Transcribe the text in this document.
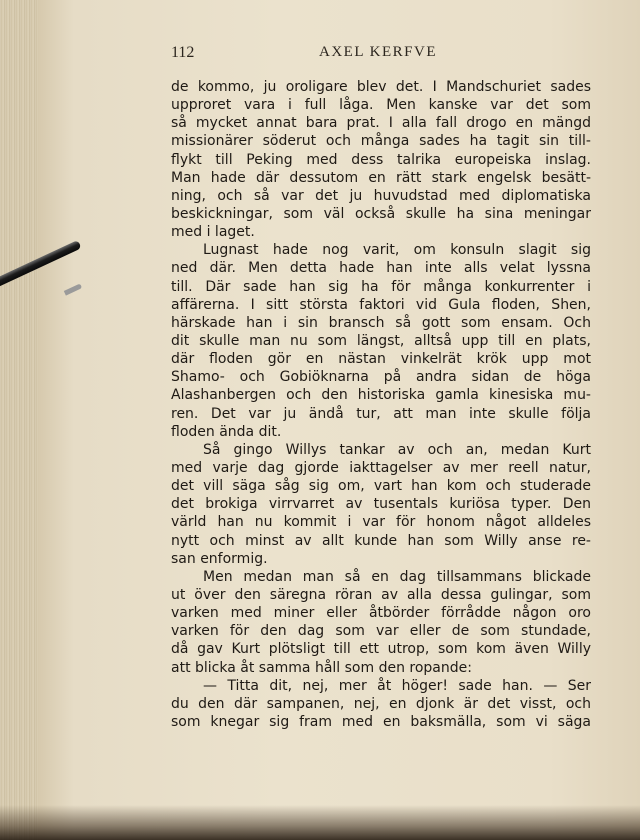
112	AXEL KERFVE
de kommo, ju oroligare blev det. I Mandschuriet sades
upproret vara i full låga. Men kanske var det som
så mycket annat bara prat. I alla fall drogo en mängd
missionärer söderut och många sades ha tagit sin till-
flykt till Peking med dess talrika europeiska inslag.
Man hade där dessutom en rätt stark engelsk besätt-
ning, och så var det ju huvudstad med diplomatiska
beskickningar, som väl också skulle ha sina meningar
med i laget.
Lugnast hade nog varit, om konsuln slagit sig
ned där. Men detta hade han inte alls velat lyssna
till. Där sade han sig ha för många konkurrenter i
affärerna. I sitt största faktori vid Gula floden, Shen,
härskade han i sin bransch så gott som ensam. Och
dit skulle man nu som längst, alltså upp till en plats,
där floden gör en nästan vinkelrät krök upp mot
Shamo- och Gobiöknarna på andra sidan de höga
Alashanbergen och den historiska gamla kinesiska mu-
ren. Det var ju ändå tur, att man inte skulle följa
floden ända dit.
Så gingo Willys tankar av och an, medan Kurt
med varje dag gjorde iakttagelser av mer reell natur,
det vill säga såg sig om, vart han kom och studerade
det brokiga virrvarret av tusentals kuriösa typer. Den
värld han nu kommit i var för honom något alldeles
nytt och minst av allt kunde han som Willy anse re-
san enformig.
Men medan man så en dag tillsammans blickade
ut över den säregna röran av alla dessa gulingar, som
varken med miner eller åtbörder förrådde någon oro
varken för den dag som var eller de som stundade,
då gav Kurt plötsligt till ett utrop, som kom även Willy
att blicka åt samma håll som den ropande:
— Titta dit, nej, mer åt höger! sade han. — Ser
du den där sampanen, nej, en djonk är det visst, och
som knegar sig fram med en baksmälla, som vi säga
